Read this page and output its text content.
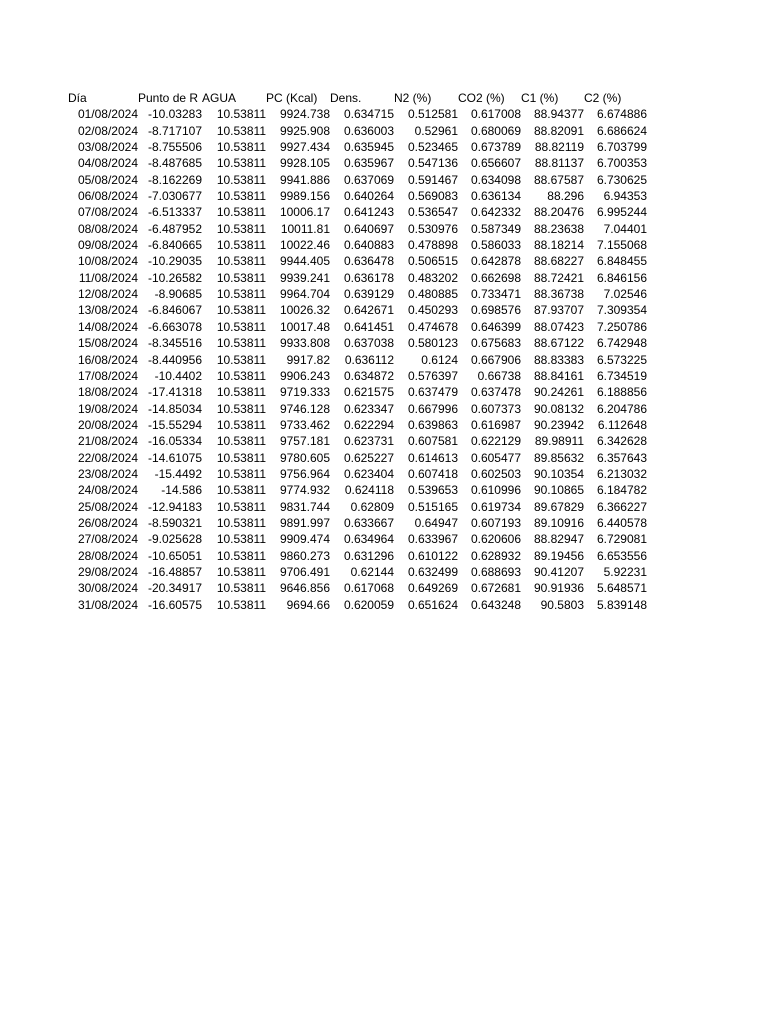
Día	Punto de R	AGUA	PC (Kcal)	Dens.	N2 (%)	CO2 (%)	C1 (%)	C2 (%)
01/08/2024	-10.03283	10.53811	9924.738	0.634715	0.512581	0.617008	88.94377	6.674886
02/08/2024	-8.717107	10.53811	9925.908	0.636003	0.52961	0.680069	88.82091	6.686624
03/08/2024	-8.755506	10.53811	9927.434	0.635945	0.523465	0.673789	88.82119	6.703799
04/08/2024	-8.487685	10.53811	9928.105	0.635967	0.547136	0.656607	88.81137	6.700353
05/08/2024	-8.162269	10.53811	9941.886	0.637069	0.591467	0.634098	88.67587	6.730625
06/08/2024	-7.030677	10.53811	9989.156	0.640264	0.569083	0.636134	88.296	6.94353
07/08/2024	-6.513337	10.53811	10006.17	0.641243	0.536547	0.642332	88.20476	6.995244
08/08/2024	-6.487952	10.53811	10011.81	0.640697	0.530976	0.587349	88.23638	7.04401
09/08/2024	-6.840665	10.53811	10022.46	0.640883	0.478898	0.586033	88.18214	7.155068
10/08/2024	-10.29035	10.53811	9944.405	0.636478	0.506515	0.642878	88.68227	6.848455
11/08/2024	-10.26582	10.53811	9939.241	0.636178	0.483202	0.662698	88.72421	6.846156
12/08/2024	-8.90685	10.53811	9964.704	0.639129	0.480885	0.733471	88.36738	7.02546
13/08/2024	-6.846067	10.53811	10026.32	0.642671	0.450293	0.698576	87.93707	7.309354
14/08/2024	-6.663078	10.53811	10017.48	0.641451	0.474678	0.646399	88.07423	7.250786
15/08/2024	-8.345516	10.53811	9933.808	0.637038	0.580123	0.675683	88.67122	6.742948
16/08/2024	-8.440956	10.53811	9917.82	0.636112	0.6124	0.667906	88.83383	6.573225
17/08/2024	-10.4402	10.53811	9906.243	0.634872	0.576397	0.66738	88.84161	6.734519
18/08/2024	-17.41318	10.53811	9719.333	0.621575	0.637479	0.637478	90.24261	6.188856
19/08/2024	-14.85034	10.53811	9746.128	0.623347	0.667996	0.607373	90.08132	6.204786
20/08/2024	-15.55294	10.53811	9733.462	0.622294	0.639863	0.616987	90.23942	6.112648
21/08/2024	-16.05334	10.53811	9757.181	0.623731	0.607581	0.622129	89.98911	6.342628
22/08/2024	-14.61075	10.53811	9780.605	0.625227	0.614613	0.605477	89.85632	6.357643
23/08/2024	-15.4492	10.53811	9756.964	0.623404	0.607418	0.602503	90.10354	6.213032
24/08/2024	-14.586	10.53811	9774.932	0.624118	0.539653	0.610996	90.10865	6.184782
25/08/2024	-12.94183	10.53811	9831.744	0.62809	0.515165	0.619734	89.67829	6.366227
26/08/2024	-8.590321	10.53811	9891.997	0.633667	0.64947	0.607193	89.10916	6.440578
27/08/2024	-9.025628	10.53811	9909.474	0.634964	0.633967	0.620606	88.82947	6.729081
28/08/2024	-10.65051	10.53811	9860.273	0.631296	0.610122	0.628932	89.19456	6.653556
29/08/2024	-16.48857	10.53811	9706.491	0.62144	0.632499	0.688693	90.41207	5.92231
30/08/2024	-20.34917	10.53811	9646.856	0.617068	0.649269	0.672681	90.91936	5.648571
31/08/2024	-16.60575	10.53811	9694.66	0.620059	0.651624	0.643248	90.5803	5.839148
